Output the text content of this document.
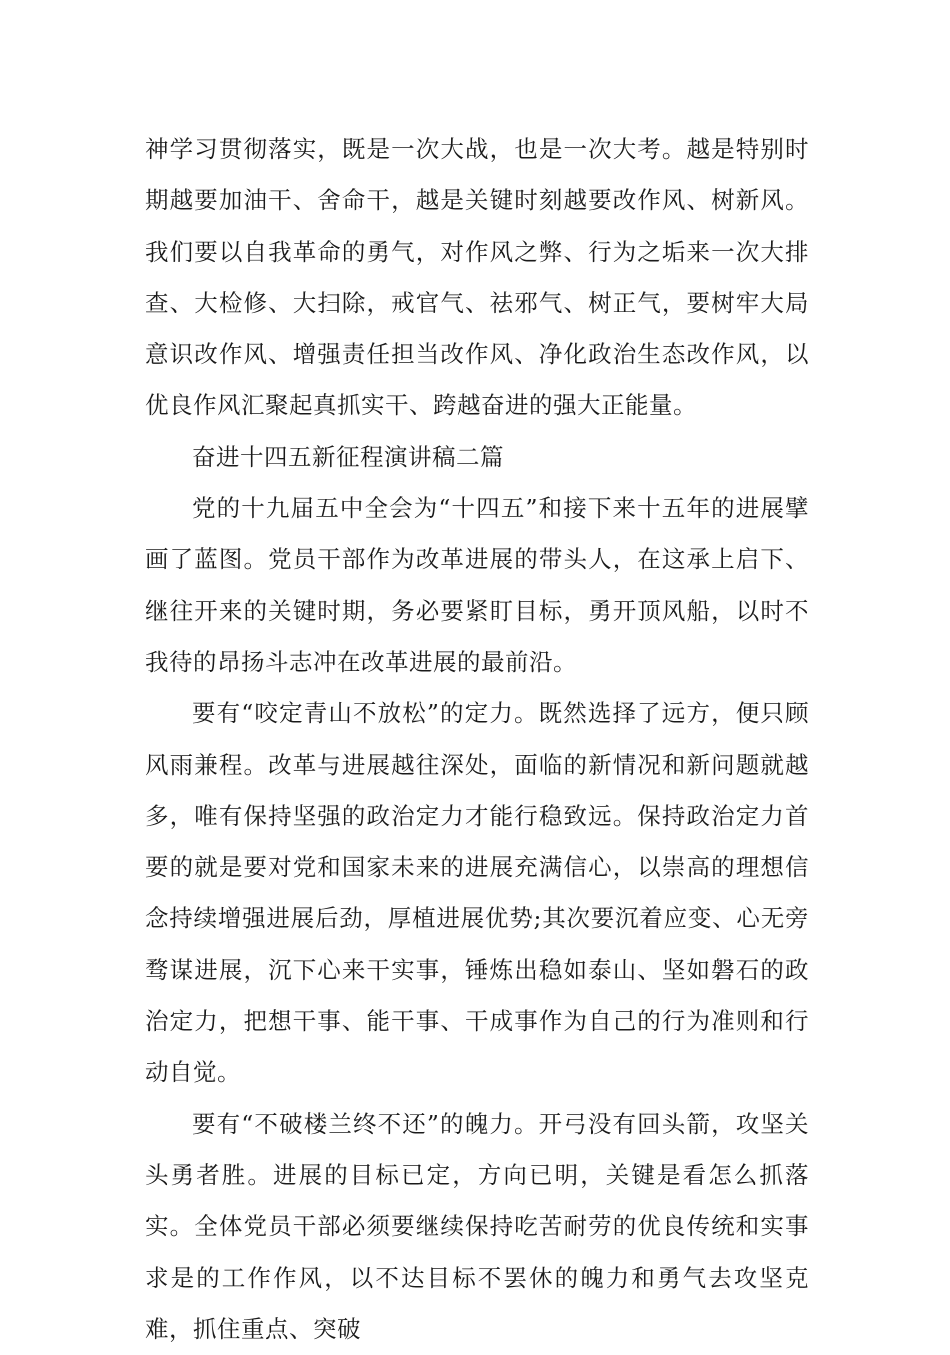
神学习贯彻落实，既是一次大战，也是一次大考。越是特别时期越要加油干、舍命干，越是关键时刻越要改作风、树新风。我们要以自我革命的勇气，对作风之弊、行为之垢来一次大排查、大检修、大扫除，戒官气、祛邪气、树正气，要树牢大局意识改作风、增强责任担当改作风、净化政治生态改作风，以优良作风汇聚起真抓实干、跨越奋进的强大正能量。

奋进十四五新征程演讲稿二篇

党的十九届五中全会为“十四五”和接下来十五年的进展擘画了蓝图。党员干部作为改革进展的带头人，在这承上启下、继往开来的关键时期，务必要紧盯目标，勇开顶风船，以时不我待的昂扬斗志冲在改革进展的最前沿。

要有“咬定青山不放松”的定力。既然选择了远方，便只顾风雨兼程。改革与进展越往深处，面临的新情况和新问题就越多，唯有保持坚强的政治定力才能行稳致远。保持政治定力首要的就是要对党和国家未来的进展充满信心，以崇高的理想信念持续增强进展后劲，厚植进展优势;其次要沉着应变、心无旁骛谋进展，沉下心来干实事，锤炼出稳如泰山、坚如磐石的政治定力，把想干事、能干事、干成事作为自己的行为准则和行动自觉。

要有“不破楼兰终不还”的魄力。开弓没有回头箭，攻坚关头勇者胜。进展的目标已定，方向已明，关键是看怎么抓落实。全体党员干部必须要继续保持吃苦耐劳的优良传统和实事求是的工作作风，以不达目标不罢休的魄力和勇气去攻坚克难，抓住重点、突破
